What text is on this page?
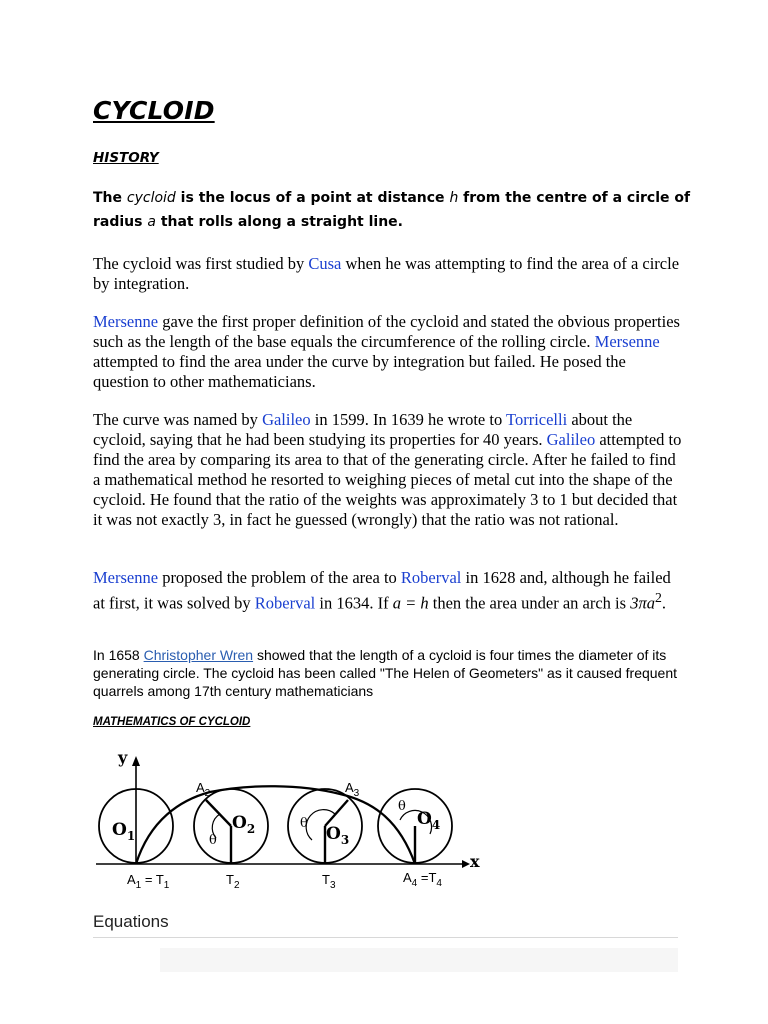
CYCLOID
HISTORY
The cycloid is the locus of a point at distance h from the centre of a circle of radius a that rolls along a straight line.
The cycloid was first studied by Cusa when he was attempting to find the area of a circle by integration.
Mersenne gave the first proper definition of the cycloid and stated the obvious properties such as the length of the base equals the circumference of the rolling circle. Mersenne attempted to find the area under the curve by integration but failed. He posed the question to other mathematicians.
The curve was named by Galileo in 1599. In 1639 he wrote to Torricelli about the cycloid, saying that he had been studying its properties for 40 years. Galileo attempted to find the area by comparing its area to that of the generating circle. After he failed to find a mathematical method he resorted to weighing pieces of metal cut into the shape of the cycloid. He found that the ratio of the weights was approximately 3 to 1 but decided that it was not exactly 3, in fact he guessed (wrongly) that the ratio was not rational.
Mersenne proposed the problem of the area to Roberval in 1628 and, although he failed at first, it was solved by Roberval in 1634. If a = h then the area under an arch is $3\pi a^2$.
In 1658 Christopher Wren showed that the length of a cycloid is four times the diameter of its generating circle. The cycloid has been called "The Helen of Geometers" as it caused frequent quarrels among 17th century mathematicians
MATHEMATICS OF CYCLOID
y
x
θ
θ
θ
$O_1$
$O_2$	$O_3$
$O_4$
$A_2$	$A_3$
$A_1 = T_1$	$T_2$	$T_3$
$A_4 =T_4$
Equations
